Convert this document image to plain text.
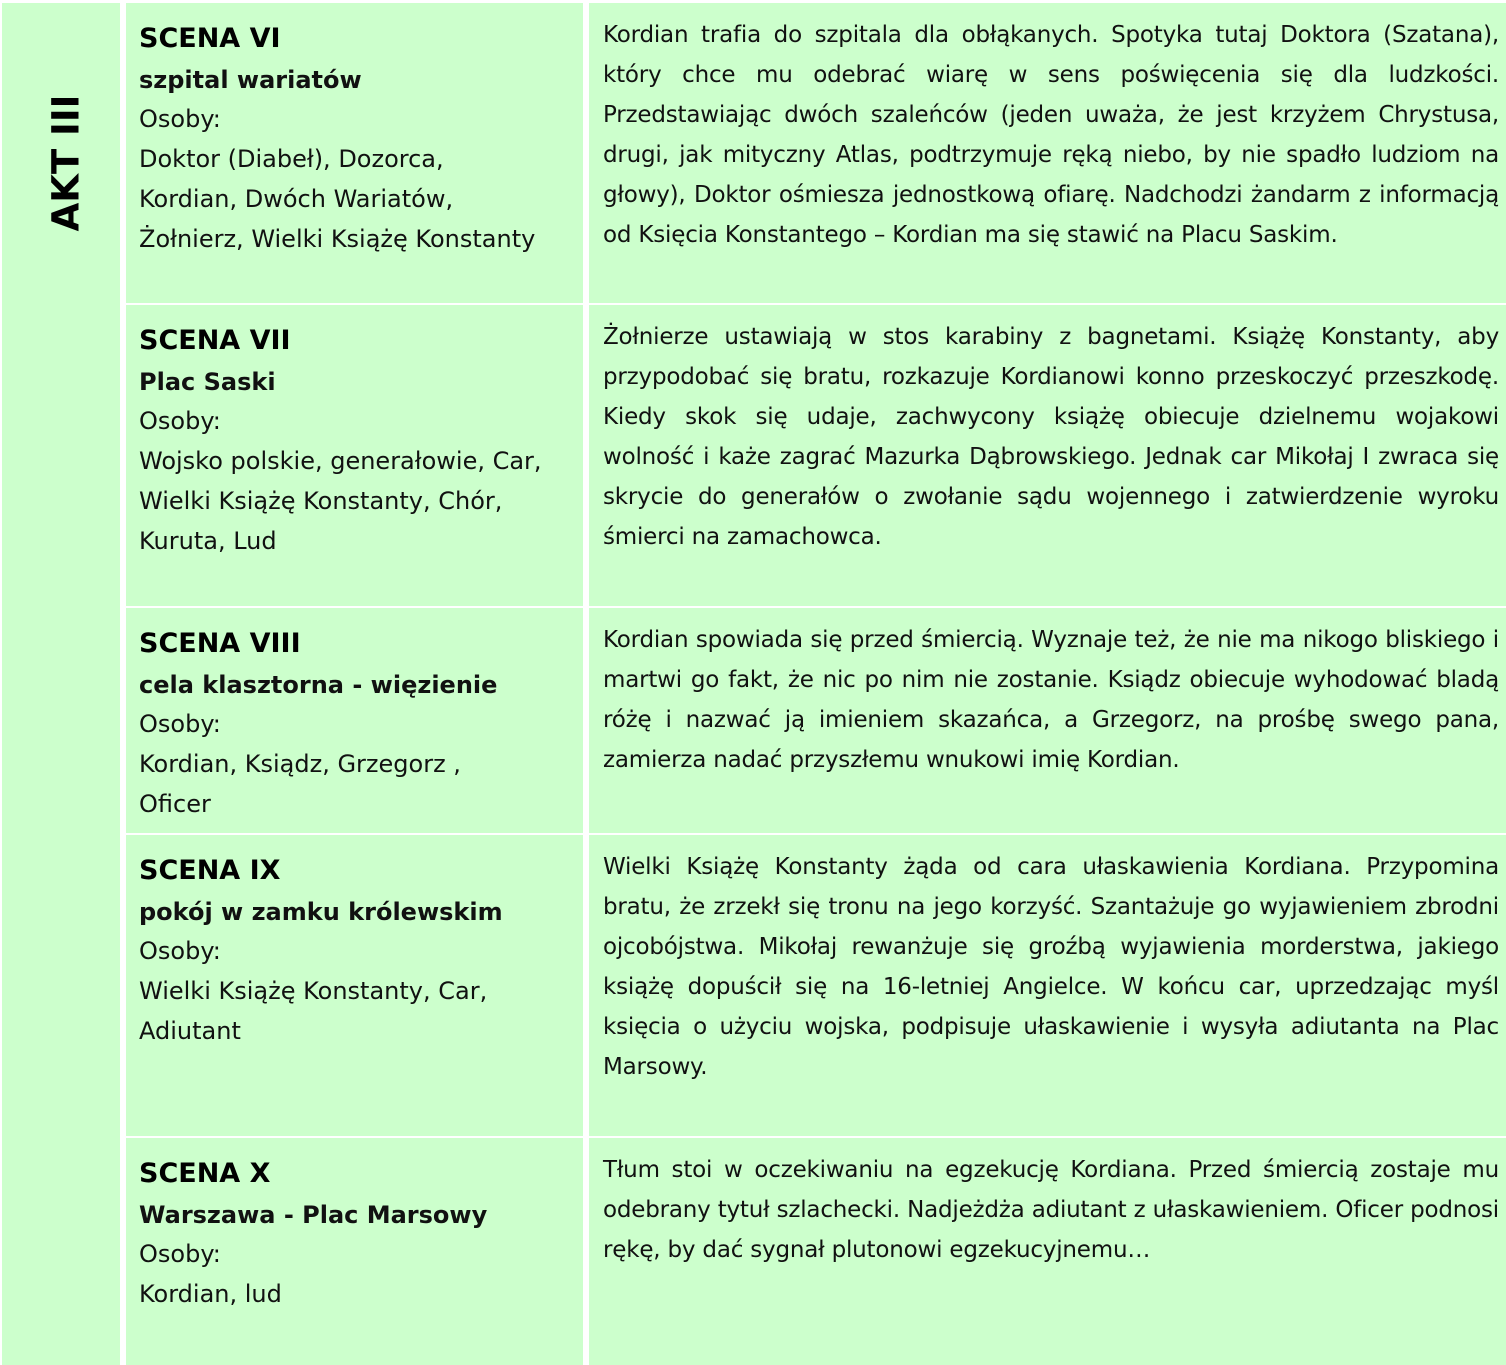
AKT III
SCENA VI
szpital wariatów
Osoby:
Doktor (Diabeł), Dozorca, Kordian, Dwóch Wariatów, Żołnierz, Wielki Książę Konstanty

Kordian trafia do szpitala dla obłąkanych. Spotyka tutaj Doktora (Szatana), który chce mu odebrać wiarę w sens poświęcenia się dla ludzkości. Przedstawiając dwóch szaleńców (jeden uważa, że jest krzyżem Chrystusa, drugi, jak mityczny Atlas, podtrzymuje ręką niebo, by nie spadło ludziom na głowy), Doktor ośmiesza jednostkową ofiarę. Nadchodzi żandarm z informacją od Księcia Konstantego – Kordian ma się stawić na Placu Saskim.

SCENA VII
Plac Saski
Osoby:
Wojsko polskie, generałowie, Car, Wielki Książę Konstanty, Chór, Kuruta, Lud

Żołnierze ustawiają w stos karabiny z bagnetami. Książę Konstanty, aby przypodobać się bratu, rozkazuje Kordianowi konno przeskoczyć przeszkodę. Kiedy skok się udaje, zachwycony książę obiecuje dzielnemu wojakowi wolność i każe zagrać Mazurka Dąbrowskiego. Jednak car Mikołaj I zwraca się skrycie do generałów o zwołanie sądu wojennego i zatwierdzenie wyroku śmierci na zamachowca.

SCENA VIII
cela klasztorna - więzienie
Osoby:
Kordian, Ksiądz, Grzegorz , Oficer

Kordian spowiada się przed śmiercią. Wyznaje też, że nie ma nikogo bliskiego i martwi go fakt, że nic po nim nie zostanie. Ksiądz obiecuje wyhodować bladą różę i nazwać ją imieniem skazańca, a Grzegorz, na prośbę swego pana, zamierza nadać przyszłemu wnukowi imię Kordian.

SCENA IX
pokój w zamku królewskim
Osoby:
Wielki Książę Konstanty, Car, Adiutant

Wielki Książę Konstanty żąda od cara ułaskawienia Kordiana. Przypomina bratu, że zrzekł się tronu na jego korzyść. Szantażuje go wyjawieniem zbrodni ojcobójstwa. Mikołaj rewanżuje się groźbą wyjawienia morderstwa, jakiego książę dopuścił się na 16-letniej Angielce. W końcu car, uprzedzając myśl księcia o użyciu wojska, podpisuje ułaskawienie i wysyła adiutanta na Plac Marsowy.

SCENA X
Warszawa - Plac Marsowy
Osoby:
Kordian, lud

Tłum stoi w oczekiwaniu na egzekucję Kordiana. Przed śmiercią zostaje mu odebrany tytuł szlachecki. Nadjeżdża adiutant z ułaskawieniem. Oficer podnosi rękę, by dać sygnał plutonowi egzekucyjnemu…
